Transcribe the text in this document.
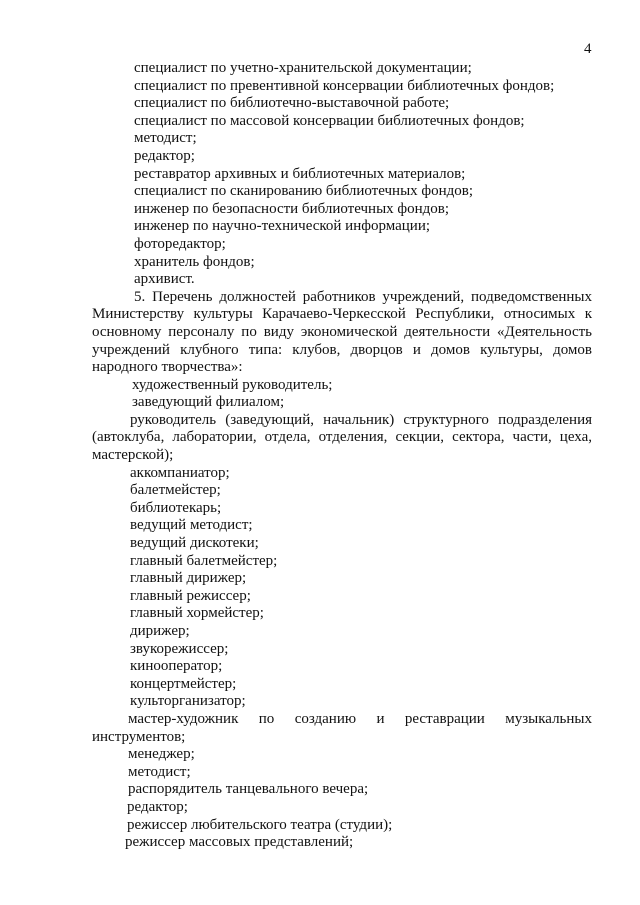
4
специалист по учетно-хранительской документации;
специалист по превентивной консервации библиотечных фондов;
специалист по библиотечно-выставочной работе;
специалист по массовой консервации библиотечных фондов;
методист;
редактор;
реставратор архивных и библиотечных материалов;
специалист по сканированию библиотечных фондов;
инженер по безопасности библиотечных фондов;
инженер по научно-технической информации;
фоторедактор;
хранитель фондов;
архивист.
5. Перечень должностей работников учреждений, подведомственных Министерству культуры Карачаево-Черкесской Республики, относимых к основному персоналу по виду экономической деятельности «Деятельность учреждений клубного типа: клубов, дворцов и домов культуры, домов народного творчества»:
художественный руководитель;
заведующий филиалом;
руководитель (заведующий, начальник) структурного подразделения (автоклуба, лаборатории, отдела, отделения, секции, сектора, части, цеха, мастерской);
аккомпаниатор;
балетмейстер;
библиотекарь;
ведущий методист;
ведущий дискотеки;
главный балетмейстер;
главный дирижер;
главный режиссер;
главный хормейстер;
дирижер;
звукорежиссер;
кинооператор;
концертмейстер;
культорганизатор;
мастер-художник по созданию и реставрации музыкальных инструментов;
менеджер;
методист;
распорядитель танцевального вечера;
редактор;
режиссер любительского театра (студии);
режиссер массовых представлений;
